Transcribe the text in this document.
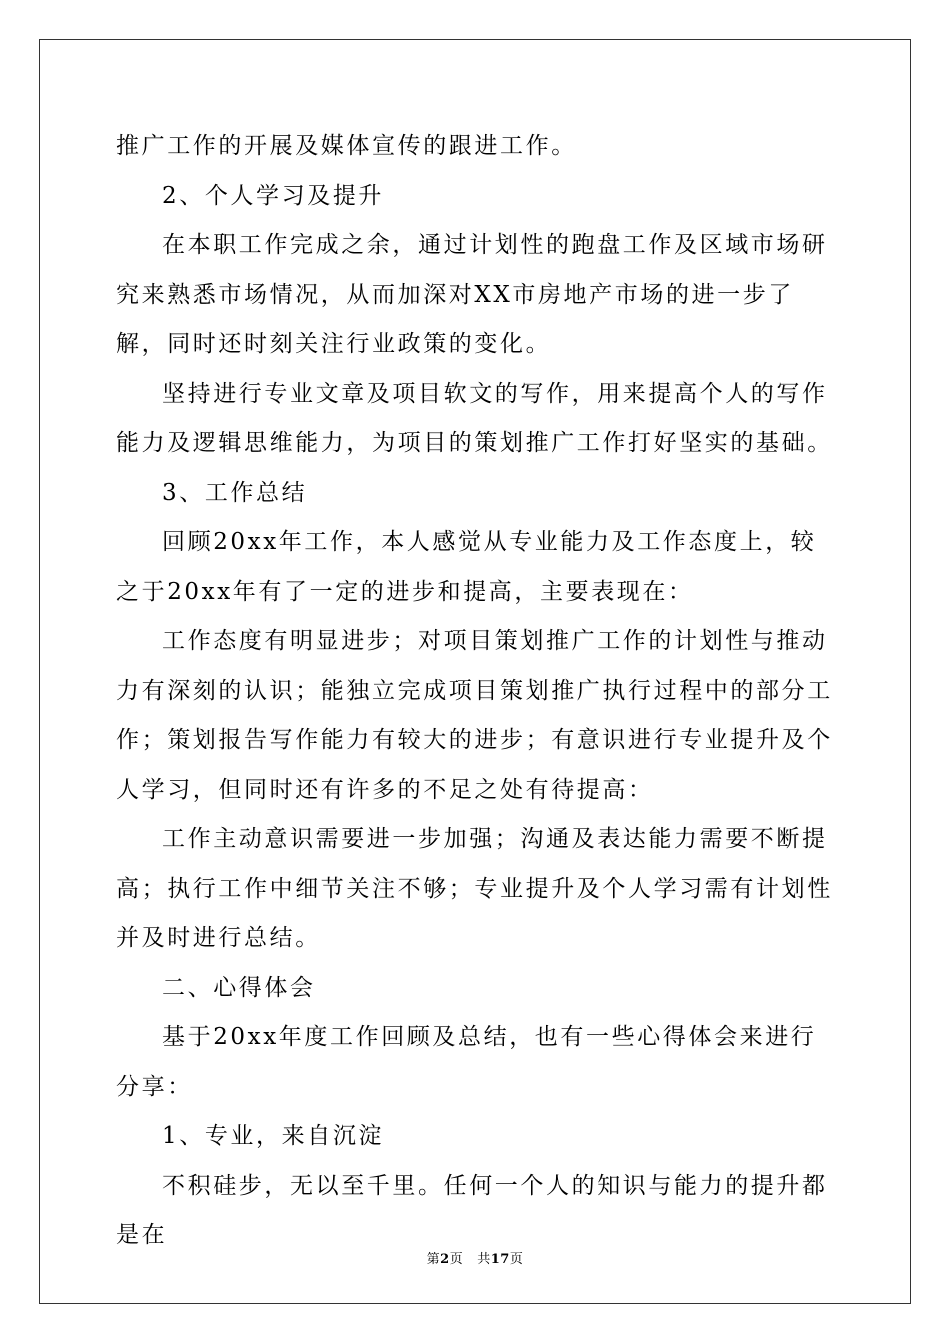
推广工作的开展及媒体宣传的跟进工作。

2、个人学习及提升

在本职工作完成之余，通过计划性的跑盘工作及区域市场研究来熟悉市场情况，从而加深对XX市房地产市场的进一步了解，同时还时刻关注行业政策的变化。

坚持进行专业文章及项目软文的写作，用来提高个人的写作能力及逻辑思维能力，为项目的策划推广工作打好坚实的基础。

3、工作总结

回顾20xx年工作，本人感觉从专业能力及工作态度上，较之于20xx年有了一定的进步和提高，主要表现在：

工作态度有明显进步；对项目策划推广工作的计划性与推动力有深刻的认识；能独立完成项目策划推广执行过程中的部分工作；策划报告写作能力有较大的进步；有意识进行专业提升及个人学习，但同时还有许多的不足之处有待提高：

工作主动意识需要进一步加强；沟通及表达能力需要不断提高；执行工作中细节关注不够；专业提升及个人学习需有计划性并及时进行总结。

二、心得体会

基于20xx年度工作回顾及总结，也有一些心得体会来进行分享：

1、专业，来自沉淀

不积硅步，无以至千里。任何一个人的知识与能力的提升都是在

第2页 共17页
